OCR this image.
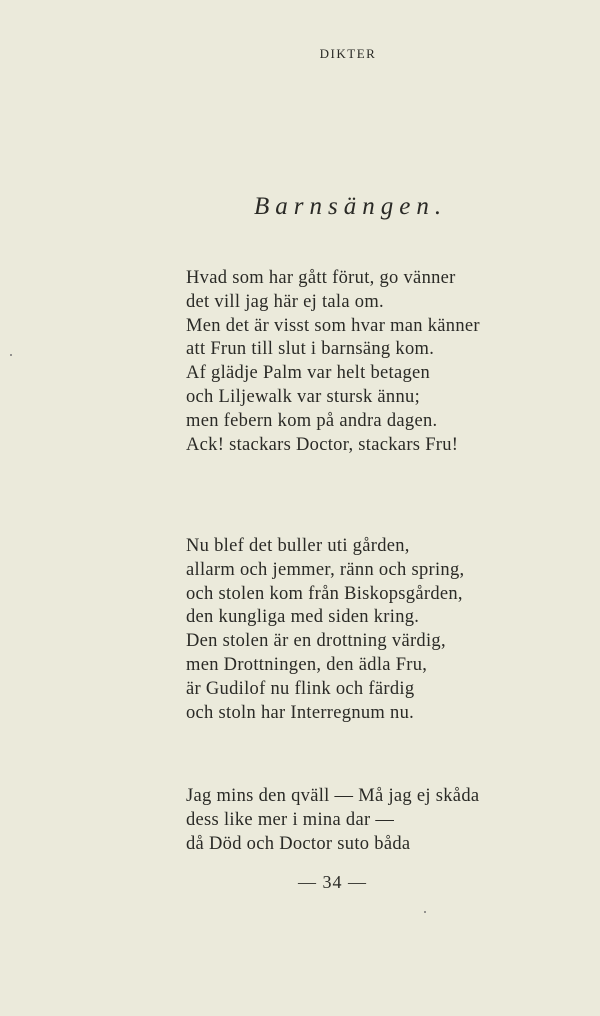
DIKTER
Barnsängen.
Hvad som har gått förut, go vänner
det vill jag här ej tala om.
Men det är visst som hvar man känner
att Frun till slut i barnsäng kom.
Af glädje Palm var helt betagen
och Liljewalk var stursk ännu;
men febern kom på andra dagen.
Ack! stackars Doctor, stackars Fru!
Nu blef det buller uti gården,
allarm och jemmer, ränn och spring,
och stolen kom från Biskopsgården,
den kungliga med siden kring.
Den stolen är en drottning värdig,
men Drottningen, den ädla Fru,
är Gudilof nu flink och färdig
och stoln har Interregnum nu.
Jag mins den qväll — Må jag ej skåda
dess like mer i mina dar —
då Död och Doctor suto båda
— 34 —
